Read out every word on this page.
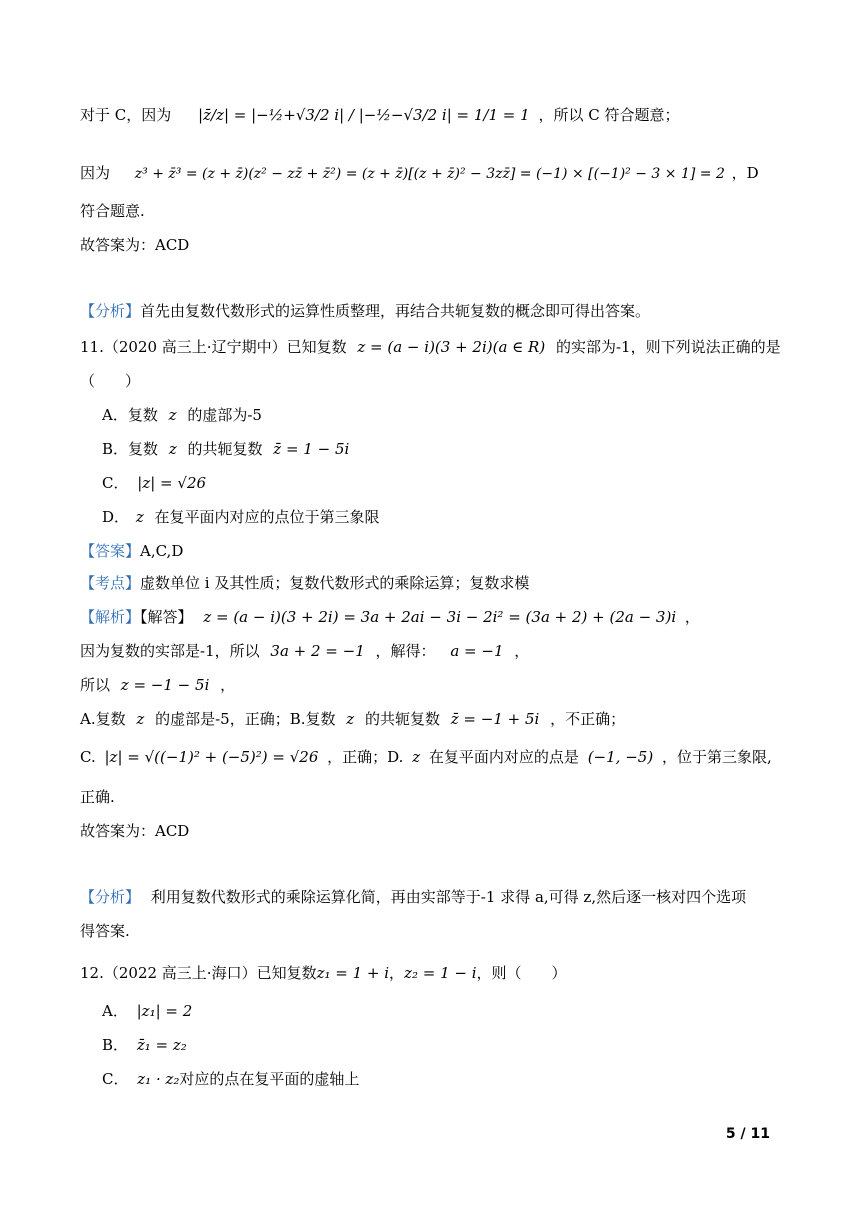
对于 C，因为 |z̄/z| = |−½+√3/2 i| / |−½−√3/2 i| = 1/1 = 1 ，所以 C 符合题意；
因为 z³ + z̄³ = (z + z̄)(z² − zz̄ + z̄²) = (z + z̄)[(z + z̄)² − 3zz̄] = (−1) × [(−1)² − 3 × 1] = 2 ，D
符合题意.
故答案为：ACD
【分析】首先由复数代数形式的运算性质整理，再结合共轭复数的概念即可得出答案。
11.（2020 高三上·辽宁期中）已知复数 z = (a − i)(3 + 2i)(a ∈ R) 的实部为-1，则下列说法正确的是
（　　）
A．复数 z 的虚部为-5
B．复数 z 的共轭复数 z̄ = 1 − 5i
C． |z| = √26
D． z 在复平面内对应的点位于第三象限
【答案】A,C,D
【考点】虚数单位 i 及其性质；复数代数形式的乘除运算；复数求模
【解析】【解答】 z = (a − i)(3 + 2i) = 3a + 2ai − 3i − 2i² = (3a + 2) + (2a − 3)i ，
因为复数的实部是-1，所以 3a + 2 = −1 ，解得： a = −1 ，
所以 z = −1 − 5i ，
A.复数 z 的虚部是-5，正确；B.复数 z 的共轭复数 z̄ = −1 + 5i ，不正确；
C. |z| = √((−1)² + (−5)²) = √26 ，正确；D. z 在复平面内对应的点是 (−1, −5) ，位于第三象限,
正确.
故答案为：ACD
【分析】 利用复数代数形式的乘除运算化简，再由实部等于-1 求得 a,可得 z,然后逐一核对四个选项
得答案.
12.（2022 高三上·海口）已知复数z₁ = 1 + i，z₂ = 1 − i，则（　　）
A． |z₁| = 2
B． z̄₁ = z₂
C． z₁ · z₂对应的点在复平面的虚轴上
5 / 11
